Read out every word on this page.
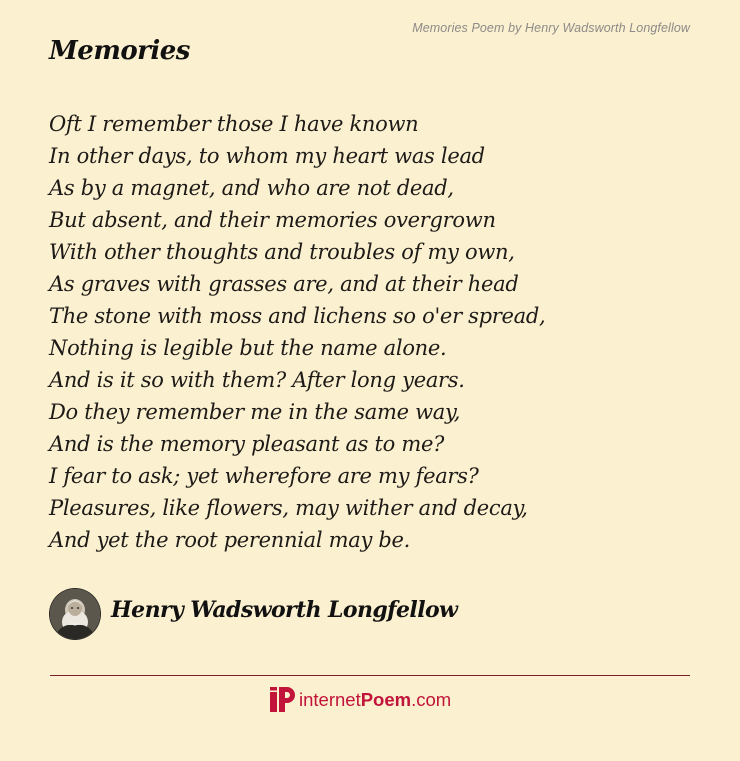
Memories Poem by Henry Wadsworth Longfellow
Memories
Oft I remember those I have known
In other days, to whom my heart was lead
As by a magnet, and who are not dead,
But absent, and their memories overgrown
With other thoughts and troubles of my own,
As graves with grasses are, and at their head
The stone with moss and lichens so o'er spread,
Nothing is legible but the name alone.
And is it so with them? After long years.
Do they remember me in the same way,
And is the memory pleasant as to me?
I fear to ask; yet wherefore are my fears?
Pleasures, like flowers, may wither and decay,
And yet the root perennial may be.
Henry Wadsworth Longfellow
internetPoem.com
